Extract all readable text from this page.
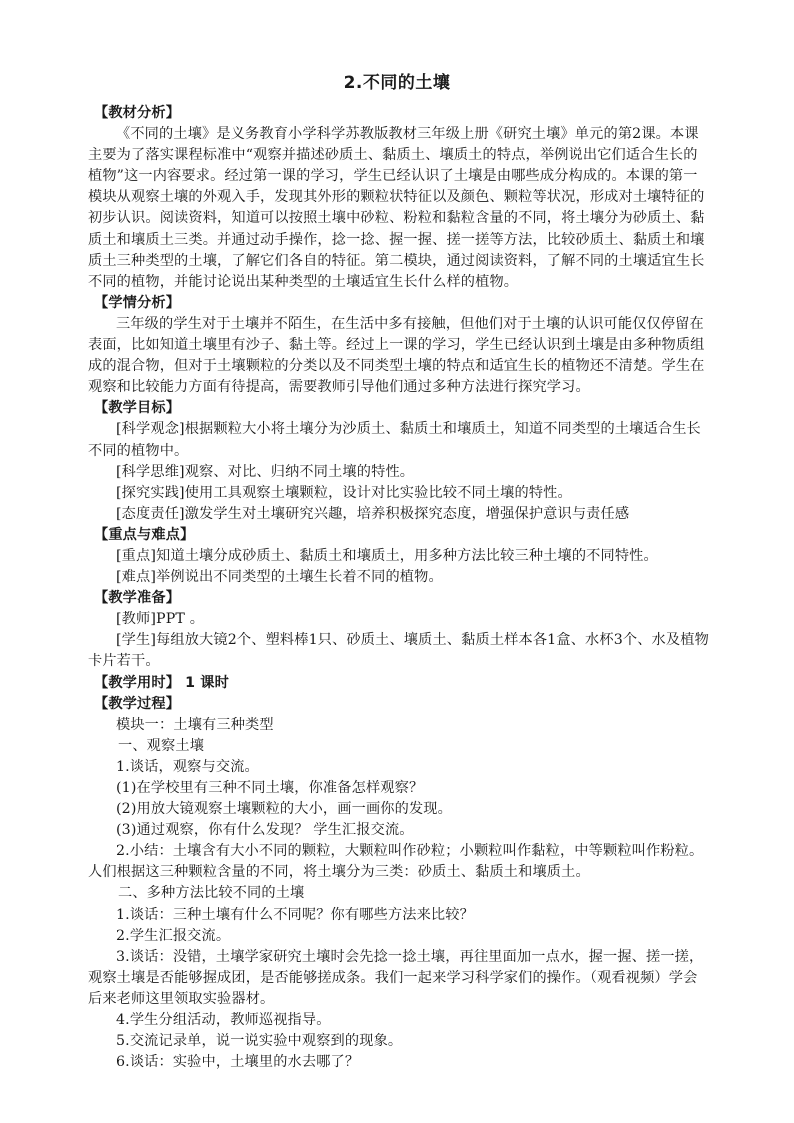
2.不同的土壤

【教材分析】

《不同的土壤》是义务教育小学科学苏教版教材三年级上册《研究土壤》单元的第2课。本课主要为了落实课程标准中“观察并描述砂质土、黏质土、壤质土的特点，举例说出它们适合生长的植物”这一内容要求。经过第一课的学习，学生已经认识了土壤是由哪些成分构成的。本课的第一模块从观察土壤的外观入手，发现其外形的颗粒状特征以及颜色、颗粒等状况，形成对土壤特征的初步认识。阅读资料，知道可以按照土壤中砂粒、粉粒和黏粒含量的不同，将土壤分为砂质土、黏质土和壤质土三类。并通过动手操作，捻一捻、握一握、搓一搓等方法，比较砂质土、黏质土和壤质土三种类型的土壤，了解它们各自的特征。第二模块，通过阅读资料，了解不同的土壤适宜生长不同的植物，并能讨论说出某种类型的土壤适宜生长什么样的植物。

【学情分析】

三年级的学生对于土壤并不陌生，在生活中多有接触，但他们对于土壤的认识可能仅仅停留在表面，比如知道土壤里有沙子、黏土等。经过上一课的学习，学生已经认识到土壤是由多种物质组成的混合物，但对于土壤颗粒的分类以及不同类型土壤的特点和适宜生长的植物还不清楚。学生在观察和比较能力方面有待提高，需要教师引导他们通过多种方法进行探究学习。

【教学目标】

[科学观念]根据颗粒大小将土壤分为沙质土、黏质土和壤质土，知道不同类型的土壤适合生长不同的植物中。

[科学思维]观察、对比、归纳不同土壤的特性。

[探究实践]使用工具观察土壤颗粒，设计对比实验比较不同土壤的特性。

[态度责任]激发学生对土壤研究兴趣，培养积极探究态度，增强保护意识与责任感

【重点与难点】

[重点]知道土壤分成砂质土、黏质土和壤质土，用多种方法比较三种土壤的不同特性。

[难点]举例说出不同类型的土壤生长着不同的植物。

【教学准备】

[教师]PPT 。

[学生]每组放大镜2个、塑料棒1只、砂质土、壤质土、黏质土样本各1盒、水杯3个、水及植物卡片若干。

【教学用时】 1 课时

【教学过程】

模块一：土壤有三种类型

一、观察土壤

1.谈话，观察与交流。

(1)在学校里有三种不同土壤，你准备怎样观察？

(2)用放大镜观察土壤颗粒的大小，画一画你的发现。

(3)通过观察，你有什么发现？ 学生汇报交流。

2.小结：土壤含有大小不同的颗粒，大颗粒叫作砂粒；小颗粒叫作黏粒，中等颗粒叫作粉粒。人们根据这三种颗粒含量的不同，将土壤分为三类：砂质土、黏质土和壤质土。

二、多种方法比较不同的土壤

1.谈话：三种土壤有什么不同呢？你有哪些方法来比较？

2.学生汇报交流。

3.谈话：没错，土壤学家研究土壤时会先捻一捻土壤，再往里面加一点水，握一握、搓一搓，观察土壤是否能够握成团，是否能够搓成条。我们一起来学习科学家们的操作。（观看视频）学会后来老师这里领取实验器材。

4.学生分组活动，教师巡视指导。

5.交流记录单，说一说实验中观察到的现象。

6.谈话：实验中，土壤里的水去哪了？
